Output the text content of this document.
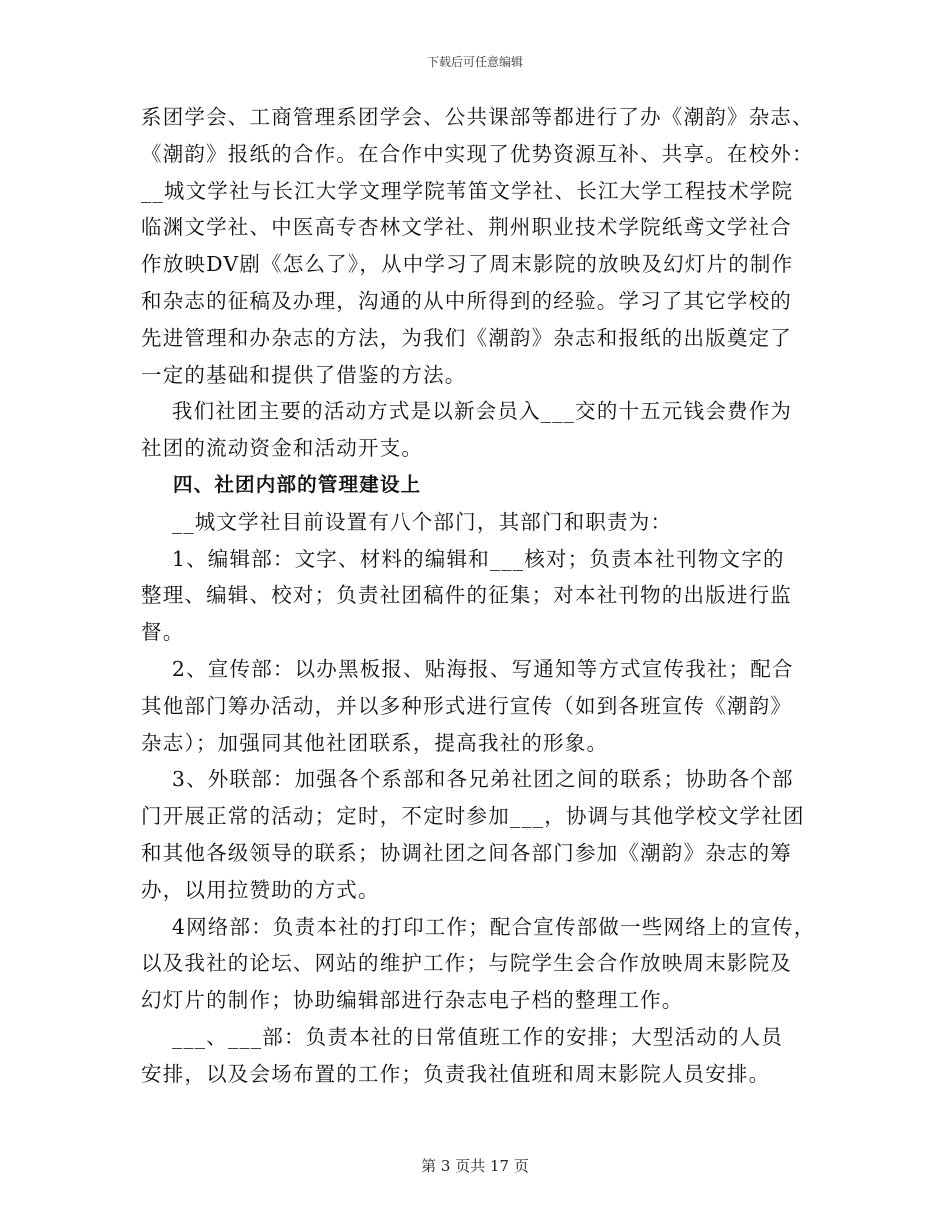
下载后可任意编辑
系团学会、工商管理系团学会、公共课部等都进行了办《潮韵》杂志、
《潮韵》报纸的合作。在合作中实现了优势资源互补、共享。在校外：
__城文学社与长江大学文理学院苇笛文学社、长江大学工程技术学院
临渊文学社、中医高专杏林文学社、荆州职业技术学院纸鸢文学社合
作放映DV剧《怎么了》，从中学习了周末影院的放映及幻灯片的制作
和杂志的征稿及办理，沟通的从中所得到的经验。学习了其它学校的
先进管理和办杂志的方法，为我们《潮韵》杂志和报纸的出版奠定了
一定的基础和提供了借鉴的方法。
我们社团主要的活动方式是以新会员入___交的十五元钱会费作为
社团的流动资金和活动开支。
四、社团内部的管理建设上
__城文学社目前设置有八个部门，其部门和职责为：
1、编辑部：文字、材料的编辑和___核对；负责本社刊物文字的
整理、编辑、校对；负责社团稿件的征集；对本社刊物的出版进行监
督。
2、宣传部：以办黑板报、贴海报、写通知等方式宣传我社；配合
其他部门筹办活动，并以多种形式进行宣传（如到各班宣传《潮韵》
杂志）；加强同其他社团联系，提高我社的形象。
3、外联部：加强各个系部和各兄弟社团之间的联系；协助各个部
门开展正常的活动；定时，不定时参加___，协调与其他学校文学社团
和其他各级领导的联系；协调社团之间各部门参加《潮韵》杂志的筹
办，以用拉赞助的方式。
4网络部：负责本社的打印工作；配合宣传部做一些网络上的宣传，
以及我社的论坛、网站的维护工作；与院学生会合作放映周末影院及
幻灯片的制作；协助编辑部进行杂志电子档的整理工作。
___、___部：负责本社的日常值班工作的安排；大型活动的人员
安排，以及会场布置的工作；负责我社值班和周末影院人员安排。
第 3 页共 17 页
